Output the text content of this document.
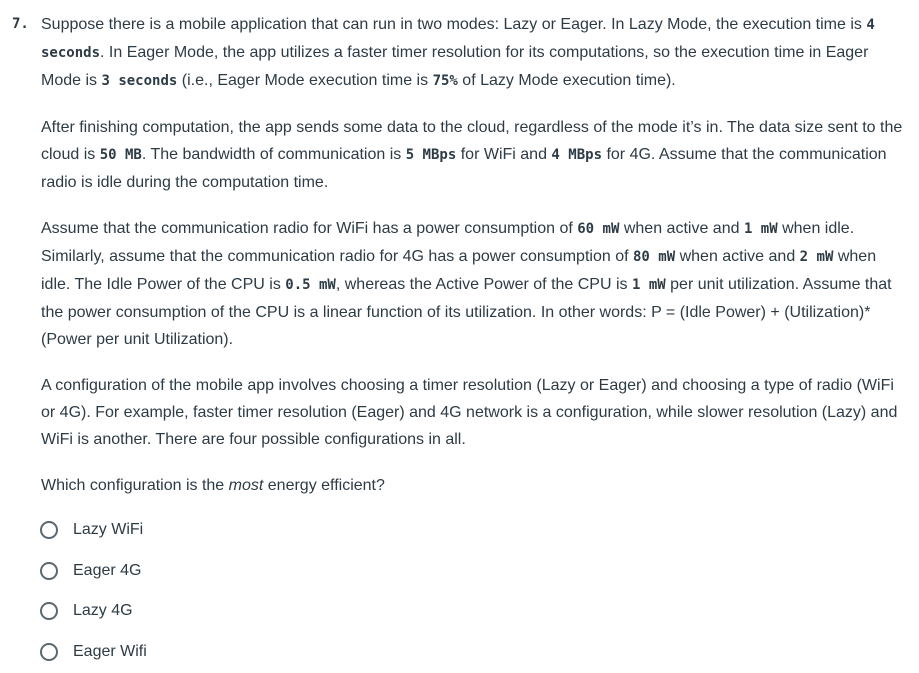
7. Suppose there is a mobile application that can run in two modes: Lazy or Eager. In Lazy Mode, the execution time is 4 seconds. In Eager Mode, the app utilizes a faster timer resolution for its computations, so the execution time in Eager Mode is 3 seconds (i.e., Eager Mode execution time is 75% of Lazy Mode execution time).

After finishing computation, the app sends some data to the cloud, regardless of the mode it’s in. The data size sent to the cloud is 50 MB. The bandwidth of communication is 5 MBps for WiFi and 4 MBps for 4G. Assume that the communication radio is idle during the computation time.

Assume that the communication radio for WiFi has a power consumption of 60 mW when active and 1 mW when idle. Similarly, assume that the communication radio for 4G has a power consumption of 80 mW when active and 2 mW when idle. The Idle Power of the CPU is 0.5 mW, whereas the Active Power of the CPU is 1 mW per unit utilization. Assume that the power consumption of the CPU is a linear function of its utilization. In other words: P = (Idle Power) + (Utilization)*(Power per unit Utilization).

A configuration of the mobile app involves choosing a timer resolution (Lazy or Eager) and choosing a type of radio (WiFi or 4G). For example, faster timer resolution (Eager) and 4G network is a configuration, while slower resolution (Lazy) and WiFi is another. There are four possible configurations in all.

Which configuration is the most energy efficient?

Lazy WiFi
Eager 4G
Lazy 4G
Eager Wifi
